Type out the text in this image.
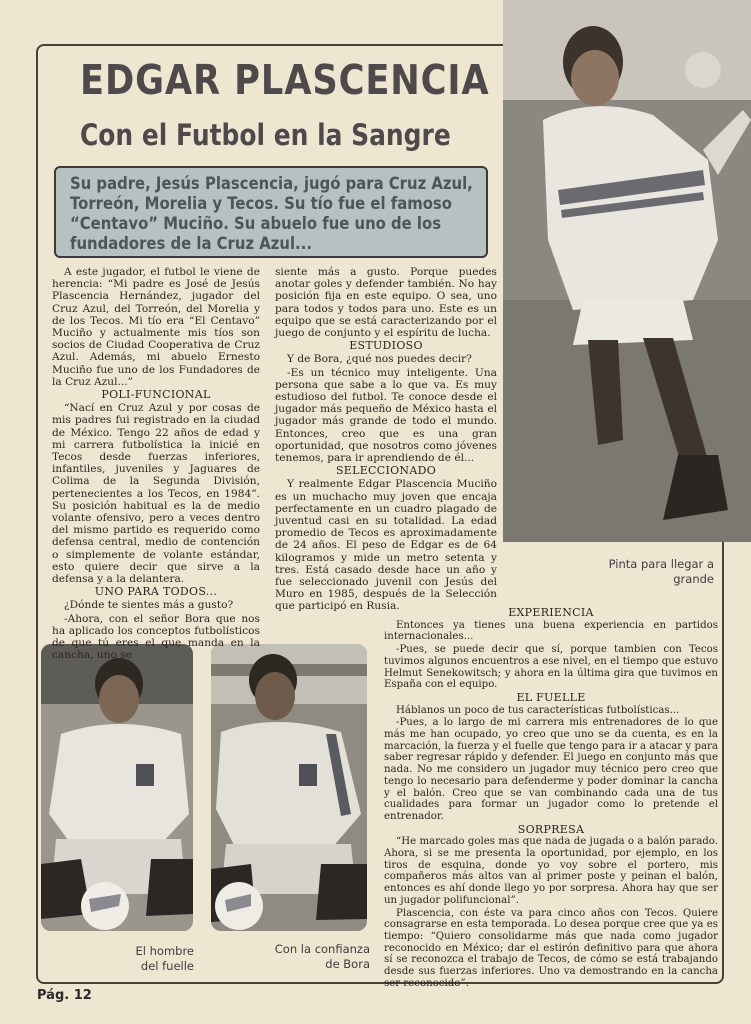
EDGAR PLASCENCIA
Con el Futbol en la Sangre

Su padre, Jesús Plascencia, jugó para Cruz Azul, Torreón, Morelia y Tecos. Su tío fue el famoso “Centavo” Muciño. Su abuelo fue uno de los fundadores de la Cruz Azul...

A este jugador, el futbol le viene de herencia: “Mi padre es José de Jesús Plascencia Hernández, jugador del Cruz Azul, del Torreón, del Morelia y de los Tecos. Mi tío era “El Centavo” Muciño y actualmente mis tíos son socios de Ciudad Cooperativa de Cruz Azul. Además, mi abuelo Ernesto Muciño fue uno de los Fundadores de la Cruz Azul...”

POLI-FUNCIONAL

“Nací en Cruz Azul y por cosas de mis padres fui registrado en la ciudad de México. Tengo 22 años de edad y mi carrera futbolística la inicié en Tecos desde fuerzas inferiores, infantiles, juveniles y Jaguares de Colima de la Segunda División, pertenecientes a los Tecos, en 1984”. Su posición habitual es la de medio volante ofensivo, pero a veces dentro del mismo partido es requerido como defensa central, medio de contención o simplemente de volante estándar, esto quiere decir que sirve a la defensa y a la delantera.

UNO PARA TODOS...

¿Dónde te sientes más a gusto?

-Ahora, con el señor Bora que nos ha aplicado los conceptos futbolísticos de que tú eres el que manda en la cancha, uno se

siente más a gusto. Porque puedes anotar goles y defender también. No hay posición fija en este equipo. O sea, uno para todos y todos para uno. Este es un equipo que se está caracterizando por el juego de conjunto y el espíritu de lucha.

ESTUDIOSO

Y de Bora, ¿qué nos puedes decir?

-Es un técnico muy inteligente. Una persona que sabe a lo que va. Es muy estudioso del futbol. Te conoce desde el jugador más pequeño de México hasta el jugador más grande de todo el mundo. Entonces, creo que es una gran oportunidad, que nosotros como jóvenes tenemos, para ir aprendiendo de él...

SELECCIONADO

Y realmente Edgar Plascencia Muciño es un muchacho muy joven que encaja perfectamente en un cuadro plagado de juventud casi en su totalidad. La edad promedio de Tecos es aproximadamente de 24 años. El peso de Edgar es de 64 kilogramos y mide un metro setenta y tres. Está casado desde hace un año y fue seleccionado juvenil con Jesús del Muro en 1985, después de la Selección que participó en Rusia.	EXPERIENCIA

Entonces ya tienes una buena experiencia en partidos internacionales...

-Pues, se puede decir que sí, porque tambien con Tecos tuvimos algunos encuentros a ese nivel, en el tiempo que estuvo Helmut Senekowitsch; y ahora en la última gira que tuvimos en España con el equipo.

EL FUELLE

Háblanos un poco de tus características futbolísticas...

-Pues, a lo largo de mi carrera mis entrenadores de lo que más me han ocupado, yo creo que uno se da cuenta, es en la marcación, la fuerza y el fuelle que tengo para ir a atacar y para saber regresar rápido y defender. El juego en conjunto más que nada. No me considero un jugador muy técnico pero creo que tengo lo necesario para defenderme y poder dominar la cancha y el balón. Creo que se van combinando cada una de tus cualidades para formar un jugador como lo pretende el entrenador.

SORPRESA

“He marcado goles mas que nada de jugada o a balón parado. Ahora, si se me presenta la oportunidad, por ejemplo, en los tiros de esquina, donde yo voy sobre el portero, mis compañeros más altos van al primer poste y peinan el balón, entonces es ahí donde llego yo por sorpresa. Ahora hay que ser un jugador polifuncional”.

Plascencia, con éste va para cinco años con Tecos. Quiere consagrarse en esta temporada. Lo desea porque cree que ya es tiempo: “Quiero consolidarme más que nada como jugador reconocido en México; dar el estirón definitivo para que ahora sí se reconozca el trabajo de Tecos, de cómo se está trabajando desde sus fuerzas inferiores. Uno va demostrando en la cancha ser reconocido”.

Pinta para llegar a grande
El hombre del fuelle
Con la confianza de Bora
Pág. 12
